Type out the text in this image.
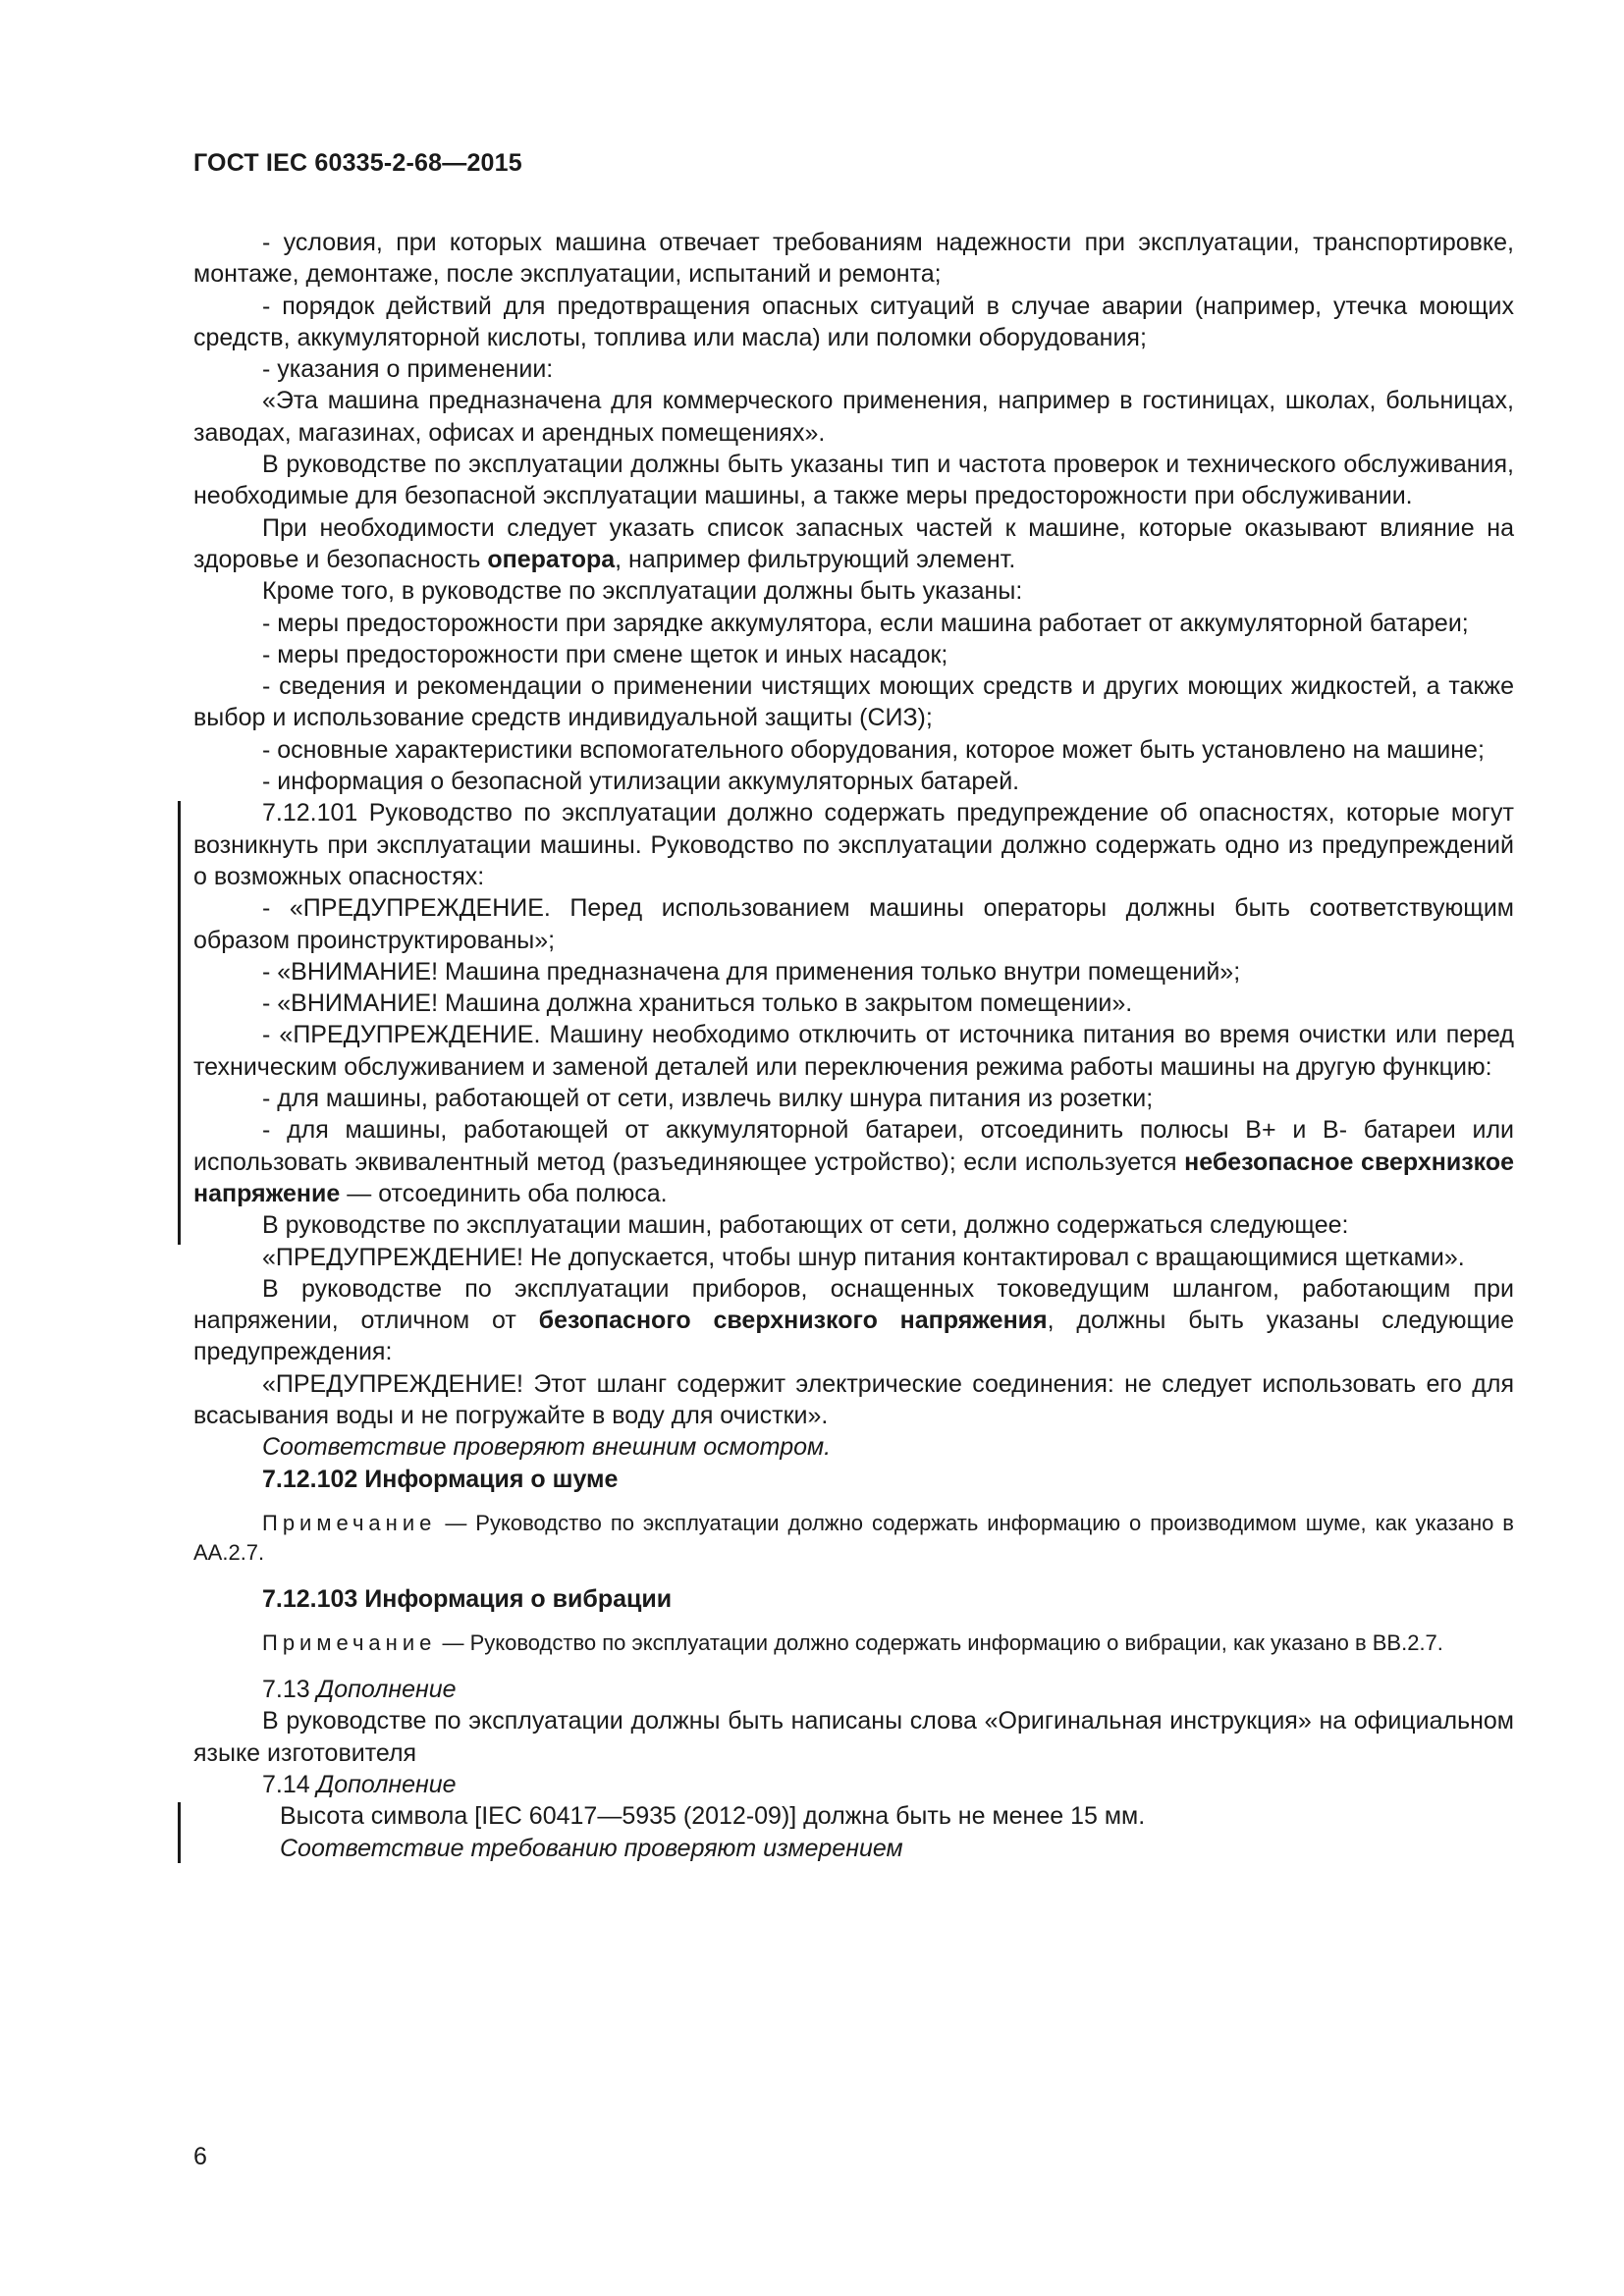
ГОСТ IEC 60335-2-68—2015

- условия, при которых машина отвечает требованиям надежности при эксплуатации, транспортировке, монтаже, демонтаже, после эксплуатации, испытаний и ремонта;

- порядок действий для предотвращения опасных ситуаций в случае аварии (например, утечка моющих средств, аккумуляторной кислоты, топлива или масла) или поломки оборудования;

- указания о применении:

«Эта машина предназначена для коммерческого применения, например в гостиницах, школах, больницах, заводах, магазинах, офисах и арендных помещениях».

В руководстве по эксплуатации должны быть указаны тип и частота проверок и технического обслуживания, необходимые для безопасной эксплуатации машины, а также меры предосторожности при обслуживании.

При необходимости следует указать список запасных частей к машине, которые оказывают влияние на здоровье и безопасность оператора, например фильтрующий элемент.

Кроме того, в руководстве по эксплуатации должны быть указаны:

- меры предосторожности при зарядке аккумулятора, если машина работает от аккумуляторной батареи;

- меры предосторожности при смене щеток и иных насадок;

- сведения и рекомендации о применении чистящих моющих средств и других моющих жидкостей, а также выбор и использование средств индивидуальной защиты (СИЗ);

- основные характеристики вспомогательного оборудования, которое может быть установлено на машине;

- информация о безопасной утилизации аккумуляторных батарей.

7.12.101 Руководство по эксплуатации должно содержать предупреждение об опасностях, которые могут возникнуть при эксплуатации машины. Руководство по эксплуатации должно содержать одно из предупреждений о возможных опасностях:

- «ПРЕДУПРЕЖДЕНИЕ. Перед использованием машины операторы должны быть соответствующим образом проинструктированы»;

- «ВНИМАНИЕ! Машина предназначена для применения только внутри помещений»;

- «ВНИМАНИЕ! Машина должна храниться только в закрытом помещении».

- «ПРЕДУПРЕЖДЕНИЕ. Машину необходимо отключить от источника питания во время очистки или перед техническим обслуживанием и заменой деталей или переключения режима работы машины на другую функцию:

- для машины, работающей от сети, извлечь вилку шнура питания из розетки;

- для машины, работающей от аккумуляторной батареи, отсоединить полюсы В+ и В- батареи или использовать эквивалентный метод (разъединяющее устройство); если используется небезопасное сверхнизкое напряжение — отсоединить оба полюса.

В руководстве по эксплуатации машин, работающих от сети, должно содержаться следующее:

«ПРЕДУПРЕЖДЕНИЕ! Не допускается, чтобы шнур питания контактировал с вращающимися щетками».

В руководстве по эксплуатации приборов, оснащенных токоведущим шлангом, работающим при напряжении, отличном от безопасного сверхнизкого напряжения, должны быть указаны следующие предупреждения:

«ПРЕДУПРЕЖДЕНИЕ! Этот шланг содержит электрические соединения: не следует использовать его для всасывания воды и не погружайте в воду для очистки».

Соответствие проверяют внешним осмотром.

7.12.102 Информация о шуме

Примечание — Руководство по эксплуатации должно содержать информацию о производимом шуме, как указано в АА.2.7.

7.12.103 Информация о вибрации

Примечание — Руководство по эксплуатации должно содержать информацию о вибрации, как указано в ВВ.2.7.

7.13 Дополнение

В руководстве по эксплуатации должны быть написаны слова «Оригинальная инструкция» на официальном языке изготовителя

7.14 Дополнение

Высота символа [IEC 60417—5935 (2012-09)] должна быть не менее 15 мм.

Соответствие требованию проверяют измерением

6
